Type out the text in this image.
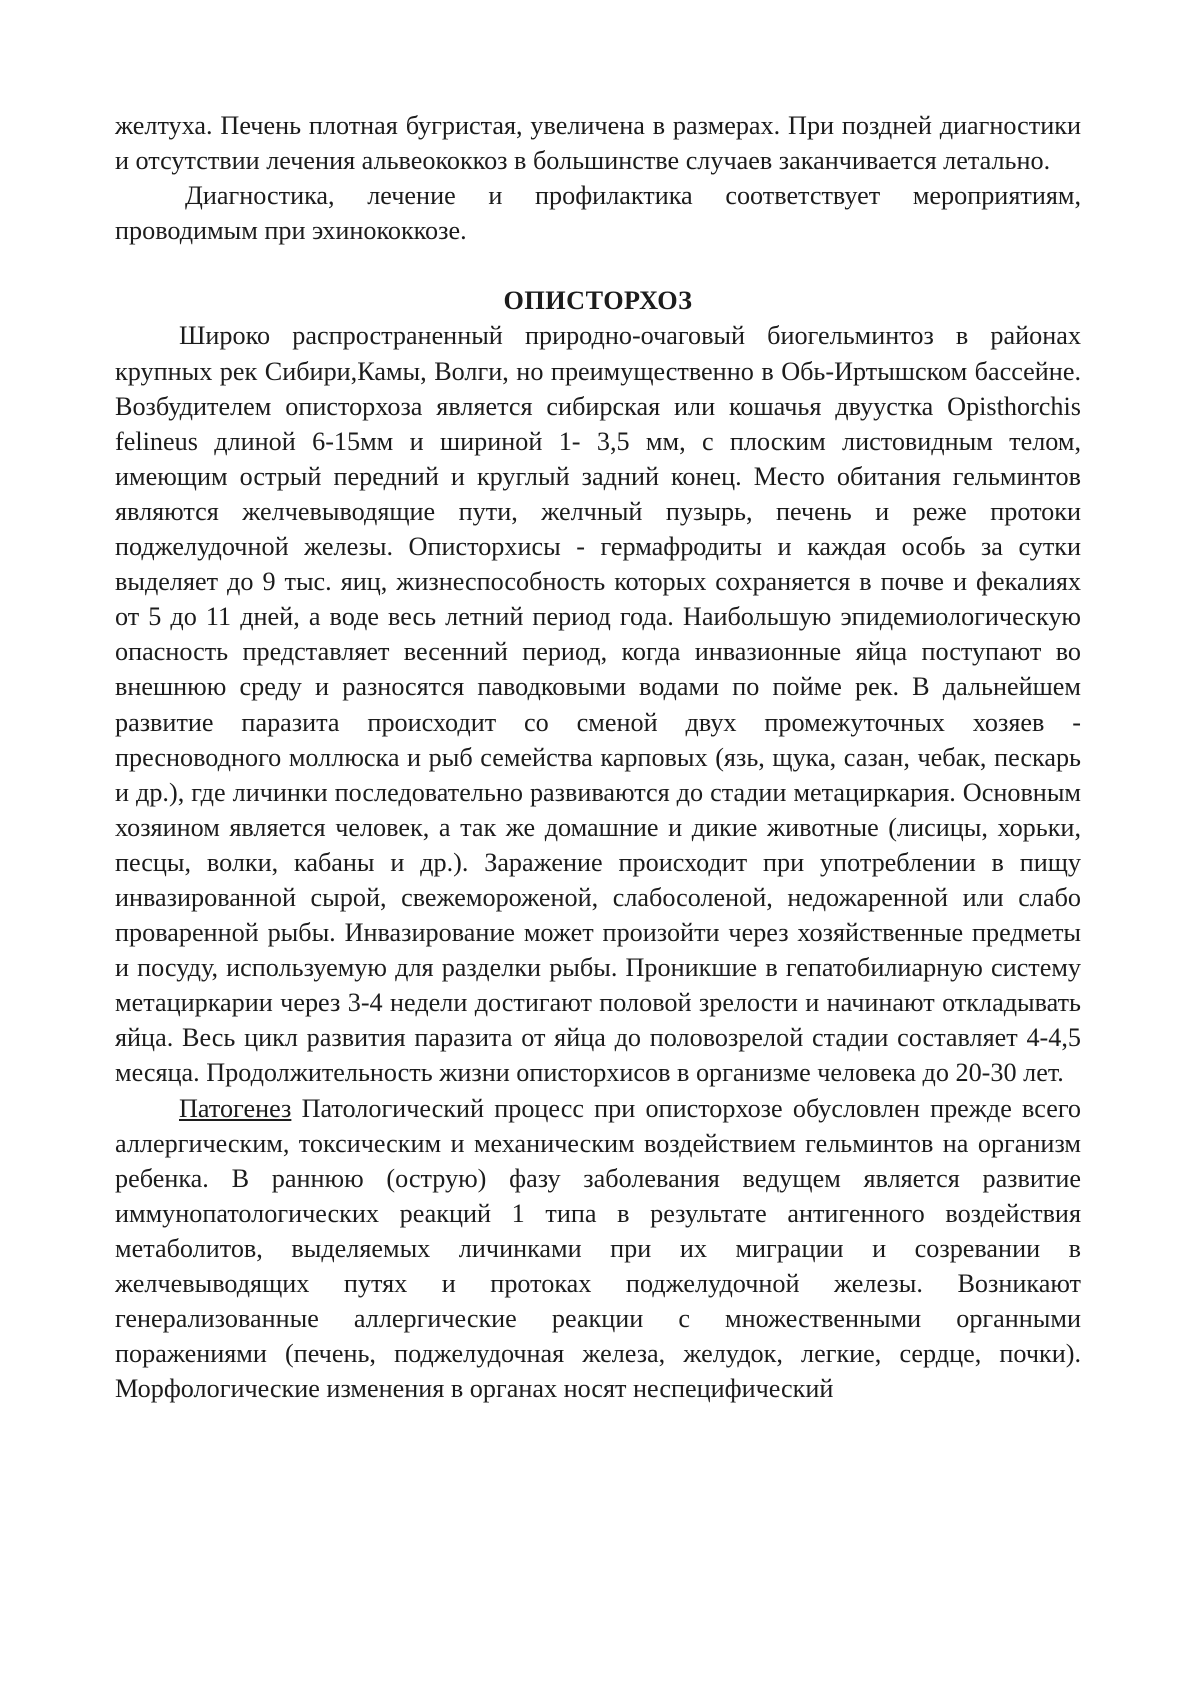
желтуха. Печень плотная бугристая, увеличена в размерах. При поздней диагностики и отсутствии лечения альвеококкоз в большинстве случаев заканчивается летально.

Диагностика, лечение и профилактика соответствует мероприятиям, проводимым при эхинококкозе.

ОПИСТОРХОЗ

Широко распространенный природно-очаговый биогельминтоз в районах крупных рек Сибири,Камы, Волги, но преимущественно в Обь-Иртышском бассейне. Возбудителем описторхоза является сибирская или кошачья двуустка Opisthorchis felineus длиной 6-15мм и шириной 1- 3,5 мм, с плоским листовидным телом, имеющим острый передний и круглый задний конец. Место обитания гельминтов являются желчевыводящие пути, желчный пузырь, печень и реже протоки поджелудочной железы. Описторхисы - гермафродиты и каждая особь за сутки выделяет до 9 тыс. яиц, жизнеспособность которых сохраняется в почве и фекалиях от 5 до 11 дней, а воде весь летний период года. Наибольшую эпидемиологическую опасность представляет весенний период, когда инвазионные яйца поступают во внешнюю среду и разносятся паводковыми водами по пойме рек. В дальнейшем развитие паразита происходит со сменой двух промежуточных хозяев - пресноводного моллюска и рыб семейства карповых (язь, щука, сазан, чебак, пескарь и др.), где личинки последовательно развиваются до стадии метациркария. Основным хозяином является человек, а так же домашние и дикие животные (лисицы, хорьки, песцы, волки, кабаны и др.). Заражение происходит при употреблении в пищу инвазированной сырой, свежемороженой, слабосоленой, недожаренной или слабо проваренной рыбы. Инвазирование может произойти через хозяйственные предметы и посуду, используемую для разделки рыбы. Проникшие в гепатобилиарную систему метациркарии через 3-4 недели достигают половой зрелости и начинают откладывать яйца. Весь цикл развития паразита от яйца до половозрелой стадии составляет 4-4,5 месяца. Продолжительность жизни описторхисов в организме человека до 20-30 лет.

Патогенез Патологический процесс при описторхозе обусловлен прежде всего аллергическим, токсическим и механическим воздействием гельминтов на организм ребенка. В раннюю (острую) фазу заболевания ведущем является развитие иммунопатологических реакций 1 типа в результате антигенного воздействия метаболитов, выделяемых личинками при их миграции и созревании в желчевыводящих путях и протоках поджелудочной железы. Возникают генерализованные аллергические реакции с множественными органными поражениями (печень, поджелудочная железа, желудок, легкие, сердце, почки). Морфологические изменения в органах носят неспецифический
